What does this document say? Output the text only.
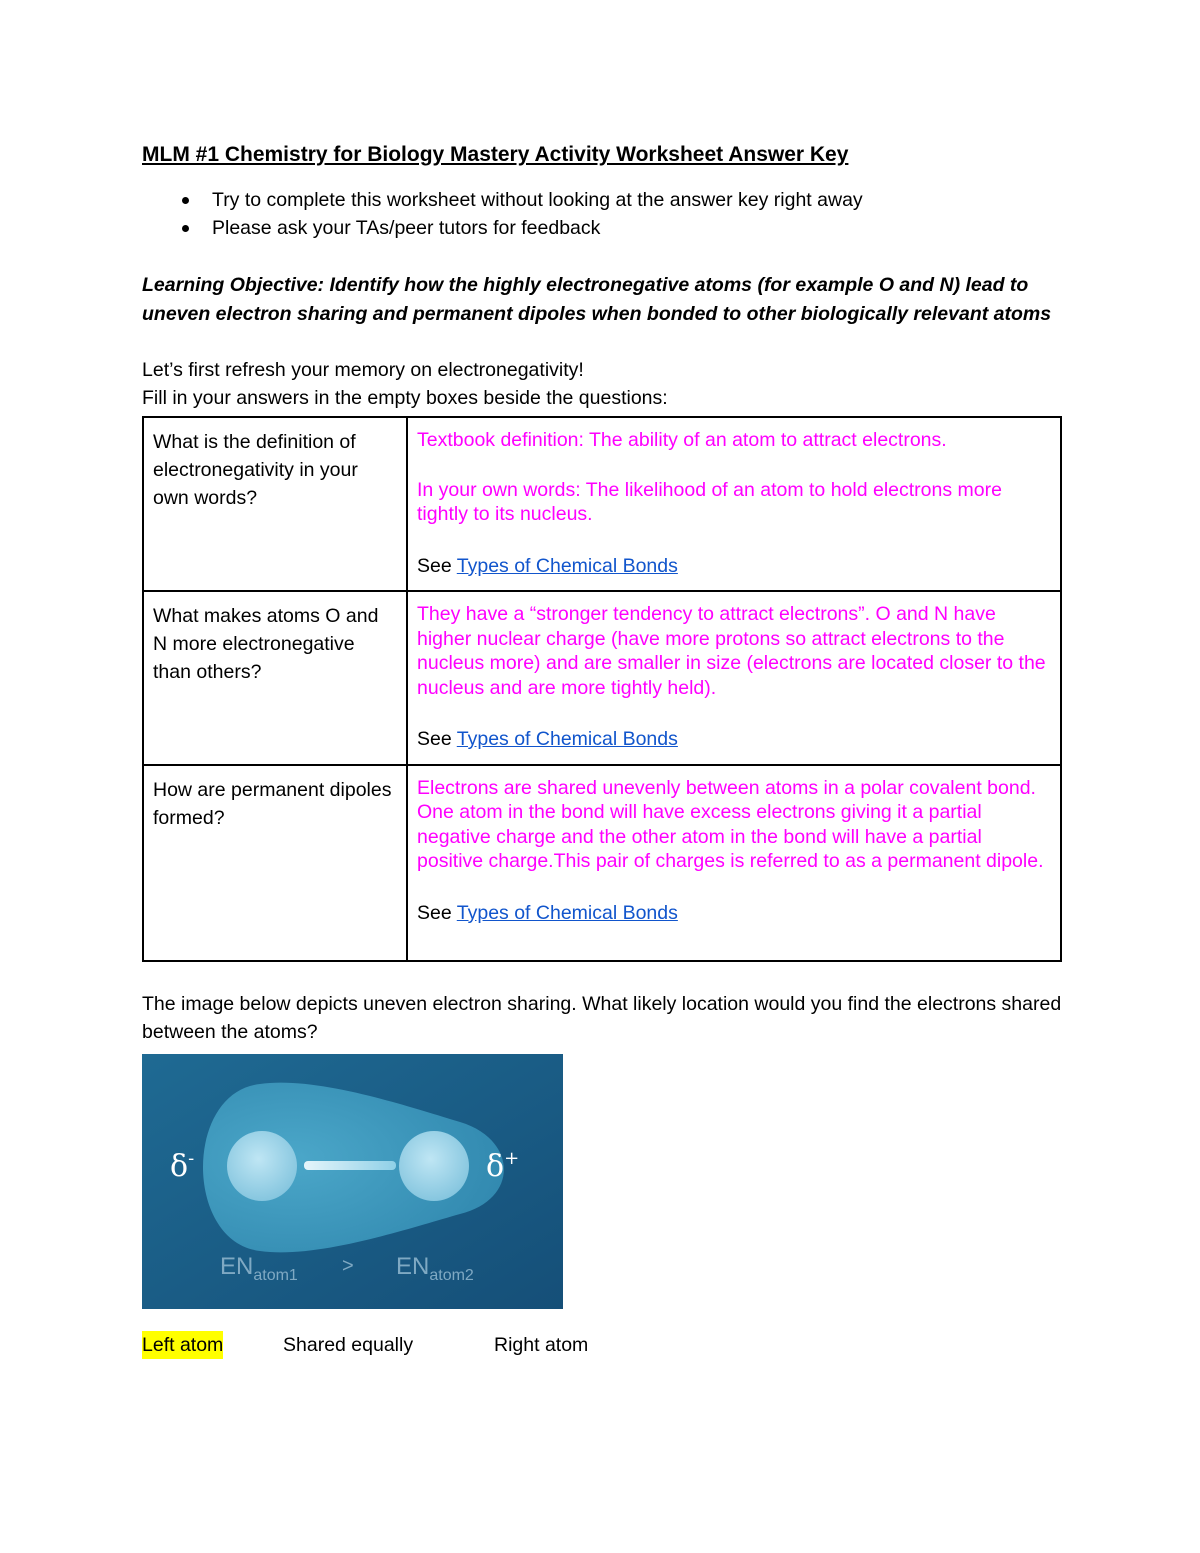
MLM #1 Chemistry for Biology Mastery Activity Worksheet Answer Key
Try to complete this worksheet without looking at the answer key right away
Please ask your TAs/peer tutors for feedback
Learning Objective: Identify how the highly electronegative atoms (for example O and N) lead to uneven electron sharing and permanent dipoles when bonded to other biologically relevant atoms

Let’s first refresh your memory on electronegativity!

Fill in your answers in the empty boxes beside the questions:

What is the definition of electronegativity in your own words?	Textbook definition: The ability of an atom to attract electrons.
In your own words: The likelihood of an atom to hold electrons more tightly to its nucleus.
See Types of Chemical Bonds

What makes atoms O and N more electronegative than others?	They have a “stronger tendency to attract electrons”. O and N have higher nuclear charge (have more protons so attract electrons to the nucleus more) and are smaller in size (electrons are located closer to the nucleus and are more tightly held).
See Types of Chemical Bonds

How are permanent dipoles formed?	Electrons are shared unevenly between atoms in a polar covalent bond. One atom in the bond will have excess electrons giving it a partial negative charge and the other atom in the bond will have a partial positive charge.This pair of charges is referred to as a permanent dipole.
See Types of Chemical Bonds

The image below depicts uneven electron sharing. What likely location would you find the electrons shared between the atoms?

δ-	δ+
$EN_{atom1} > EN_{atom2}$
Left atom	Shared equally	Right atom
